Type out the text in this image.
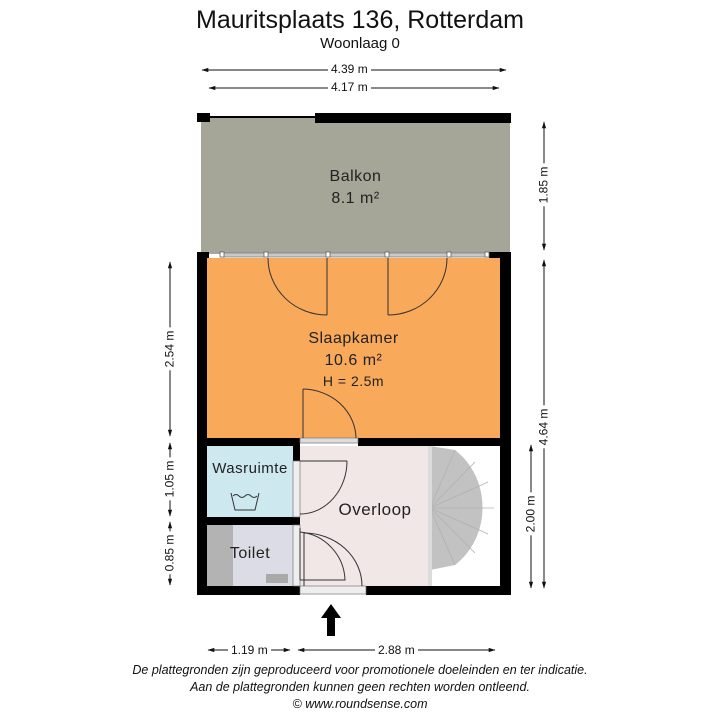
Mauritsplaats 136, Rotterdam
Woonlaag 0
4.39 m
4.17 m
2.54 m
1.05 m
0.85 m
1.85 m
4.64 m
2.00 m
1.19 m	2.88 m
Balkon
8.1 m²
Slaapkamer
10.6 m²
H = 2.5m
Wasruimte
Toilet
Overloop
De plattegronden zijn geproduceerd voor promotionele doeleinden en ter indicatie.
Aan de plattegronden kunnen geen rechten worden ontleend.
© www.roundsense.com
